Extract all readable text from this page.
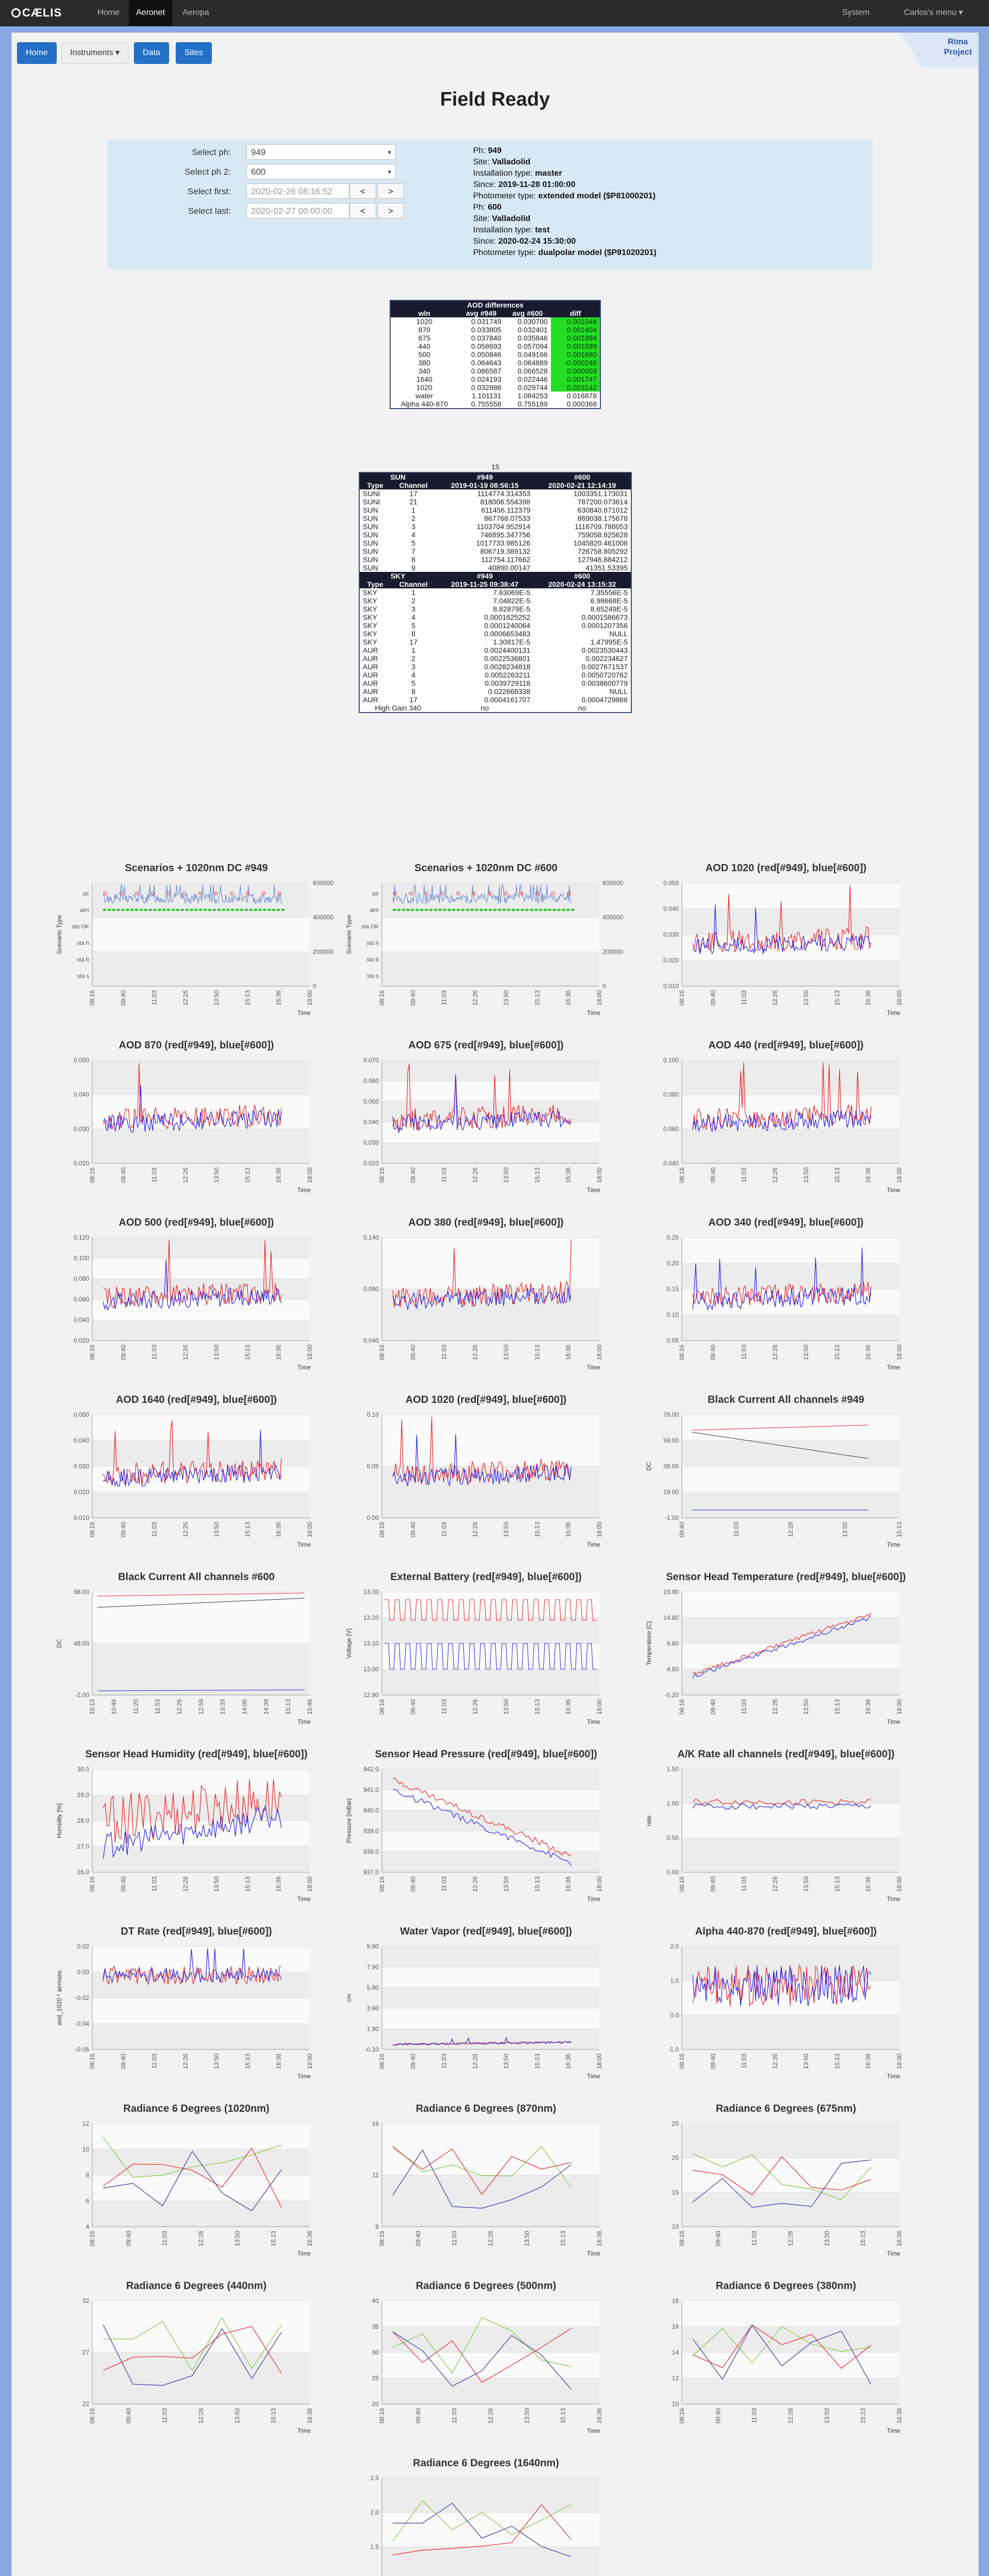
CÆLIS	Home	Aeronet	Aeropa	System	Carlos's menu ▾
Home	Instruments ▾	Data	Sites
Rima
Project
Field Ready
Select ph:	949	▾
Select ph 2:	600	▾
Select first:	2020-02-26 08:16:52	<	>
Select last:	2020-02-27 00:00:00	<	>
Ph: 949
Site: Valladolid
Installation type: master
Since: 2019-11-28 01:00:00
Photometer type: extended model ($P81000201)
Ph: 600
Site: Valladolid
Installation type: test
Since: 2020-02-24 15:30:00
Photometer type: dualpolar model ($P81020201)
AOD differences			
wln	avg #949	avg #600	diff
1020	0.031749	0.030700	0.001048
870	0.033805	0.032401	0.001404
675	0.037840	0.035846	0.001994
440	0.058693	0.057094	0.001599
500	0.050846	0.049166	0.001680
380	0.064643	0.064889	-0.000246
340	0.066587	0.066528	0.000059
1640	0.024193	0.022446	0.001747
1020	0.032886	0.029744	0.003142
water	1.101131	1.084253	0.016878
Alpha 440-870	0.755558	0.755189	0.000368
15
SUN		#949	#600
Type	Channel	2019-01-19 08:56:15	2020-02-21 12:14:19
SUNI	17	1114774.314353	1003351.173031
SUNI	21	818006.554398	787200.073614
SUN	1	611456.112379	630840.871012
SUN	2	867768.07533	869038.175678
SUN	3	1103704.952914	1116709.788053
SUN	4	746895.347756	759058.825628
SUN	5	1017733.985126	1045820.461008
SUN	7	806719.389132	726758.805292
SUN	8	112754.117662	127946.884212
SUN	9	40890.00147	41351.53395
SKY		#949	#600
Type	Channel	2019-11-25 09:38:47	2020-02-24 13:15:32
SKY	1	7.63069E-5	7.35556E-5
SKY	2	7.04822E-5	6.98668E-5
SKY	3	8.82879E-5	8.65249E-5
SKY	4	0.0001625252	0.0001586673
SKY	5	0.0001240064	0.0001207356
SKY	8	0.0006653483	NULL
SKY	17	1.30817E-5	1.47995E-5
AUR	1	0.0024400131	0.0023530443
AUR	2	0.0022536801	0.002234627
AUR	3	0.0028234818	0.0027671537
AUR	4	0.0052263211	0.0050720762
AUR	5	0.0039729118	0.0038600779
AUR	8	0.022668338	NULL
AUR	17	0.0004161707	0.0004729866
High Gain 340		no	no
Scenarios + 1020nm DC #949
0
200000
400000
600000
08:16	09:40	11:03	12:26	13:50	15:13	16:36	18:00
Time
Scenario Type
pir
alm
sta OK
sta h
sta b
sta s
Scenarios + 1020nm DC #600
0
200000
400000
600000
08:16	09:40	11:03	12:26	13:50	15:13	16:36	18:00
Time
Scenario Type
pir
alm
sta OK
sta h
sta b
sta s
AOD 1020 (red[#949], blue[#600])
0.010
0.020
0.030
0.040
0.050
08:16	09:40	11:03	12:26	13:50	15:13	16:36	18:00
Time
AOD 870 (red[#949], blue[#600])
0.020
0.030
0.040
0.050
08:16	09:40	11:03	12:26	13:50	15:13	16:36	18:00
Time
AOD 675 (red[#949], blue[#600])
0.020
0.030
0.040
0.050
0.060
0.070
08:16	09:40	11:03	12:26	13:50	15:13	16:36	18:00
Time
AOD 440 (red[#949], blue[#600])
0.040
0.060
0.080
0.100
08:16	09:40	11:03	12:26	13:50	15:13	16:36	18:00
Time
AOD 500 (red[#949], blue[#600])
0.020
0.040
0.060
0.080
0.100
0.120
08:16	09:40	11:03	12:26	13:50	15:13	16:36	18:00
Time
AOD 380 (red[#949], blue[#600])
0.040
0.090
0.140
08:16	09:40	11:03	12:26	13:50	15:13	16:36	18:00
Time
AOD 340 (red[#949], blue[#600])
0.05
0.10
0.15
0.20
0.25
08:16	09:40	11:03	12:26	13:50	15:13	16:36	18:00
Time
AOD 1640 (red[#949], blue[#600])
0.010
0.020
0.030
0.040
0.050
08:16	09:40	11:03	12:26	13:50	15:13	16:36	18:00
Time
AOD 1020 (red[#949], blue[#600])
0.00
0.05
0.10
08:16	09:40	11:03	12:26	13:50	15:13	16:36	18:00
Time
Black Current All channels #949
-1.00
19.00
39.00
59.00
79.00
09:40	11:03	12:26	13:50	15:13
Time
DC
Black Current All channels #600
-2.00
48.00
98.00
10:13 10:46 11:20 11:53 12:26 12:59 13:33 14:06 14:39 15:13 15:46
Time
DC
External Battery (red[#949], blue[#600])
12.90
13.00
13.10
13.20
13.30
08:16	09:40	11:03	12:26	13:50	15:13	16:36	18:00
Time
Voltage [V]
Sensor Head Temperature (red[#949], blue[#600])
-0.20
4.80
9.80
14.80
19.80
08:16	09:40	11:03	12:26	13:50	15:13	16:36	18:00
Time
Temperature [C]
Sensor Head Humidity (red[#949], blue[#600])
26.0
27.0
28.0
29.0
30.0
08:16	09:40	11:03	12:26	13:50	15:13	16:36	18:00
Time
Humidity [%]
Sensor Head Pressure (red[#949], blue[#600])
937.0
938.0
939.0
940.0
941.0
942.0
08:16	09:40	11:03	12:26	13:50	15:13	16:36	18:00
Time
Pressure [mBar]
A/K Rate all channels (red[#949], blue[#600])
0.00
0.50
1.00
1.50
08:16	09:40	11:03	12:26	13:50	15:13	16:36	18:00
Time
rate
DT Rate (red[#949], blue[#600])
-0.06
-0.04
-0.02
0.00
0.02
08:16	09:40	11:03	12:26	13:50	15:13	16:36	18:00
Time
aod_1020 * airmass
Water Vapor (red[#949], blue[#600])
-0.10
1.90
3.90
5.90
7.90
9.90
08:16	09:40	11:03	12:26	13:50	15:13	16:36	18:00
Time
cm
Alpha 440-870 (red[#949], blue[#600])
-1.0
0.0
1.0
2.0
08:16	09:40	11:03	12:26	13:50	15:13	16:36	18:00
Time
Radiance 6 Degrees (1020nm)
4
6
8
10
12
08:16	09:40	11:03	12:26	13:50	15:13	16:36
Time
Radiance 6 Degrees (870nm)
6
11
16
08:16	09:40	11:03	12:26	13:50	15:13	16:36
Time
Radiance 6 Degrees (675nm)
10
15
20
25
08:16	09:40	11:03	12:26	13:50	15:13	16:36
Time
Radiance 6 Degrees (440nm)
22
27
32
08:16	09:40	11:03	12:26	13:50	15:13	16:36
Time
Radiance 6 Degrees (500nm)
20
25
30
35
40
08:16	09:40	11:03	12:26	13:50	15:13	16:36
Time
Radiance 6 Degrees (380nm)
10
12
14
16
18
08:16	09:40	11:03	12:26	13:50	15:13	16:36
Time
Radiance 6 Degrees (1640nm)
1.5
2.0
2.5
